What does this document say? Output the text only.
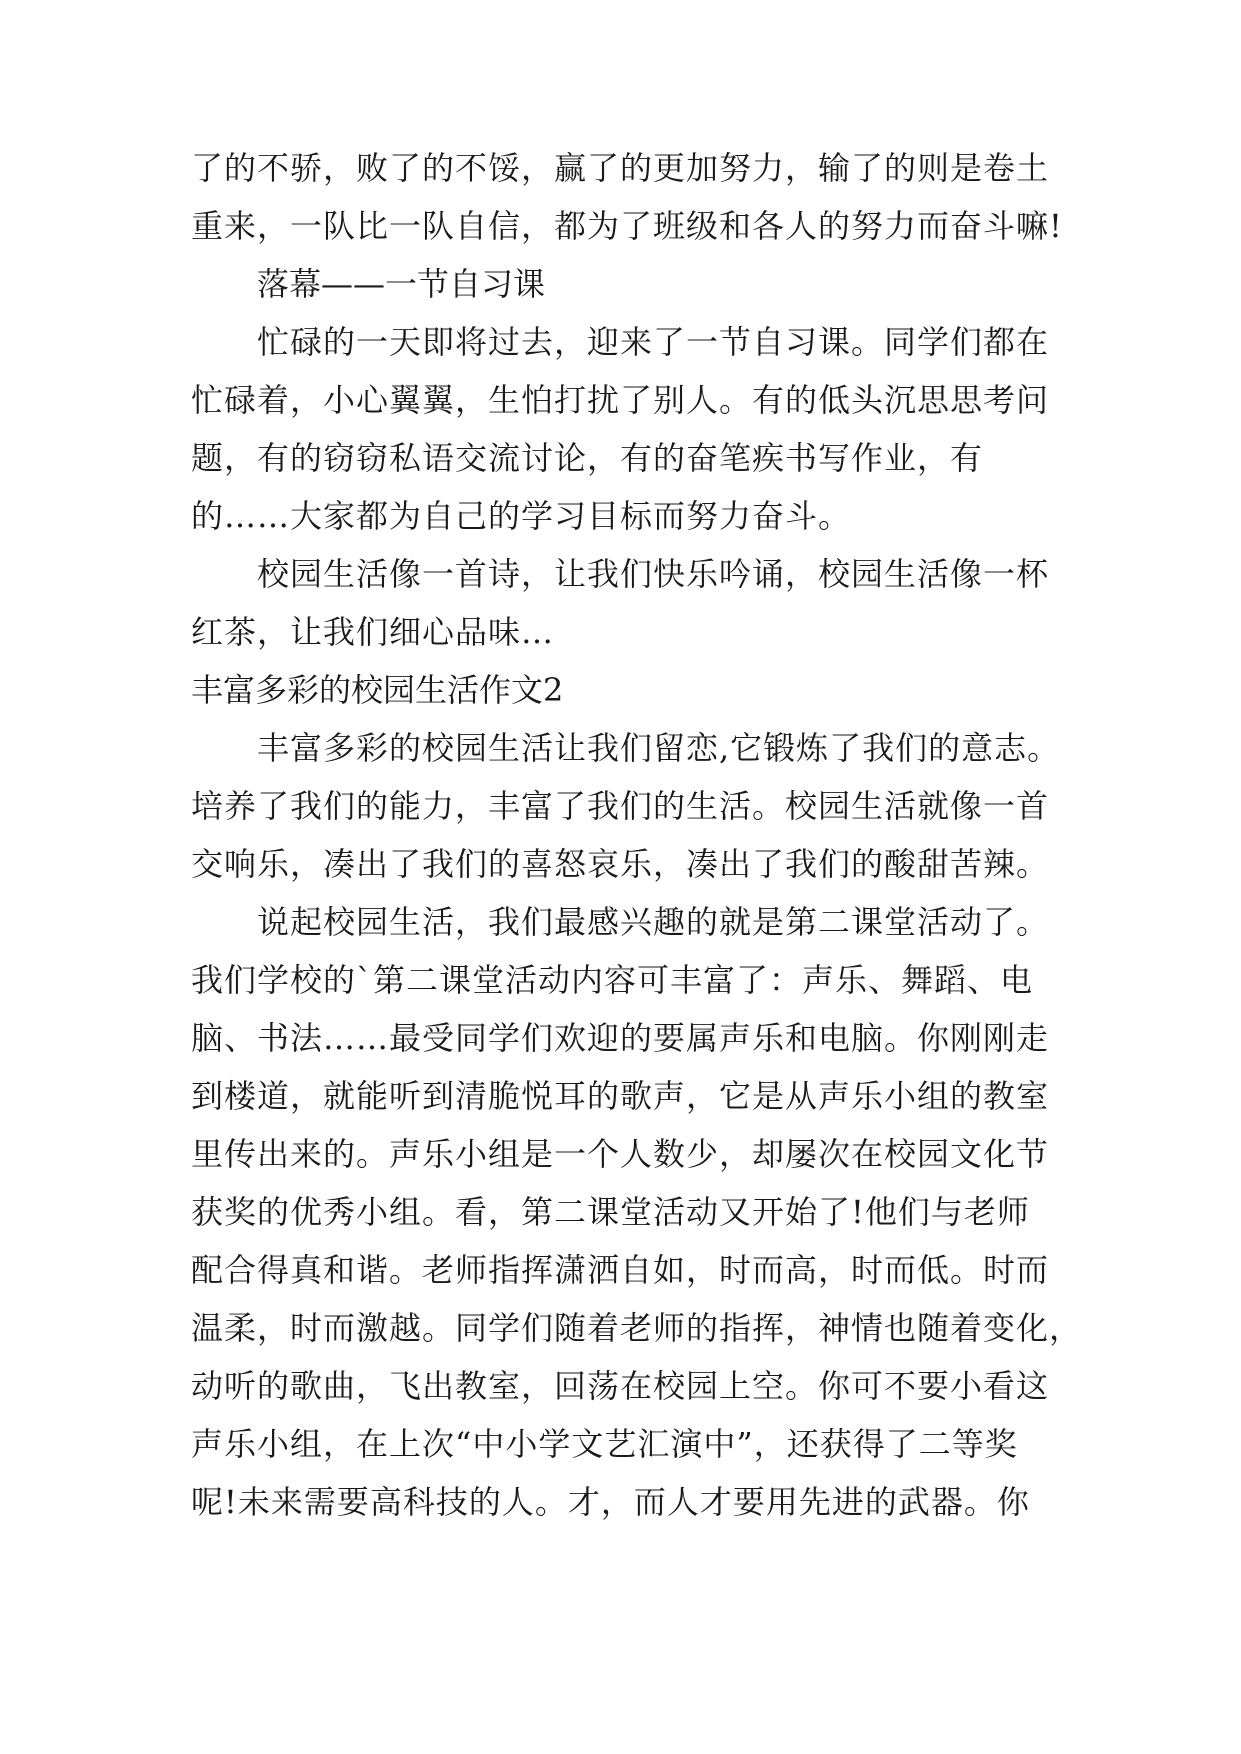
了的不骄，败了的不馁，赢了的更加努力，输了的则是卷土
重来，一队比一队自信，都为了班级和各人的努力而奋斗嘛!
落幕——一节自习课
忙碌的一天即将过去，迎来了一节自习课。同学们都在
忙碌着，小心翼翼，生怕打扰了别人。有的低头沉思思考问
题，有的窃窃私语交流讨论，有的奋笔疾书写作业，有
的……大家都为自己的学习目标而努力奋斗。
校园生活像一首诗，让我们快乐吟诵，校园生活像一杯
红茶，让我们细心品味…
丰富多彩的校园生活作文2
丰富多彩的校园生活让我们留恋,它锻炼了我们的意志。
培养了我们的能力，丰富了我们的生活。校园生活就像一首
交响乐，凑出了我们的喜怒哀乐，凑出了我们的酸甜苦辣。
说起校园生活，我们最感兴趣的就是第二课堂活动了。
我们学校的`第二课堂活动内容可丰富了：声乐、舞蹈、电
脑、书法……最受同学们欢迎的要属声乐和电脑。你刚刚走
到楼道，就能听到清脆悦耳的歌声，它是从声乐小组的教室
里传出来的。声乐小组是一个人数少，却屡次在校园文化节
获奖的优秀小组。看，第二课堂活动又开始了!他们与老师
配合得真和谐。老师指挥潇洒自如，时而高，时而低。时而
温柔，时而激越。同学们随着老师的指挥，神情也随着变化，
动听的歌曲，飞出教室，回荡在校园上空。你可不要小看这
声乐小组，在上次“中小学文艺汇演中”，还获得了二等奖
呢!未来需要高科技的人。才，而人才要用先进的武器。你
